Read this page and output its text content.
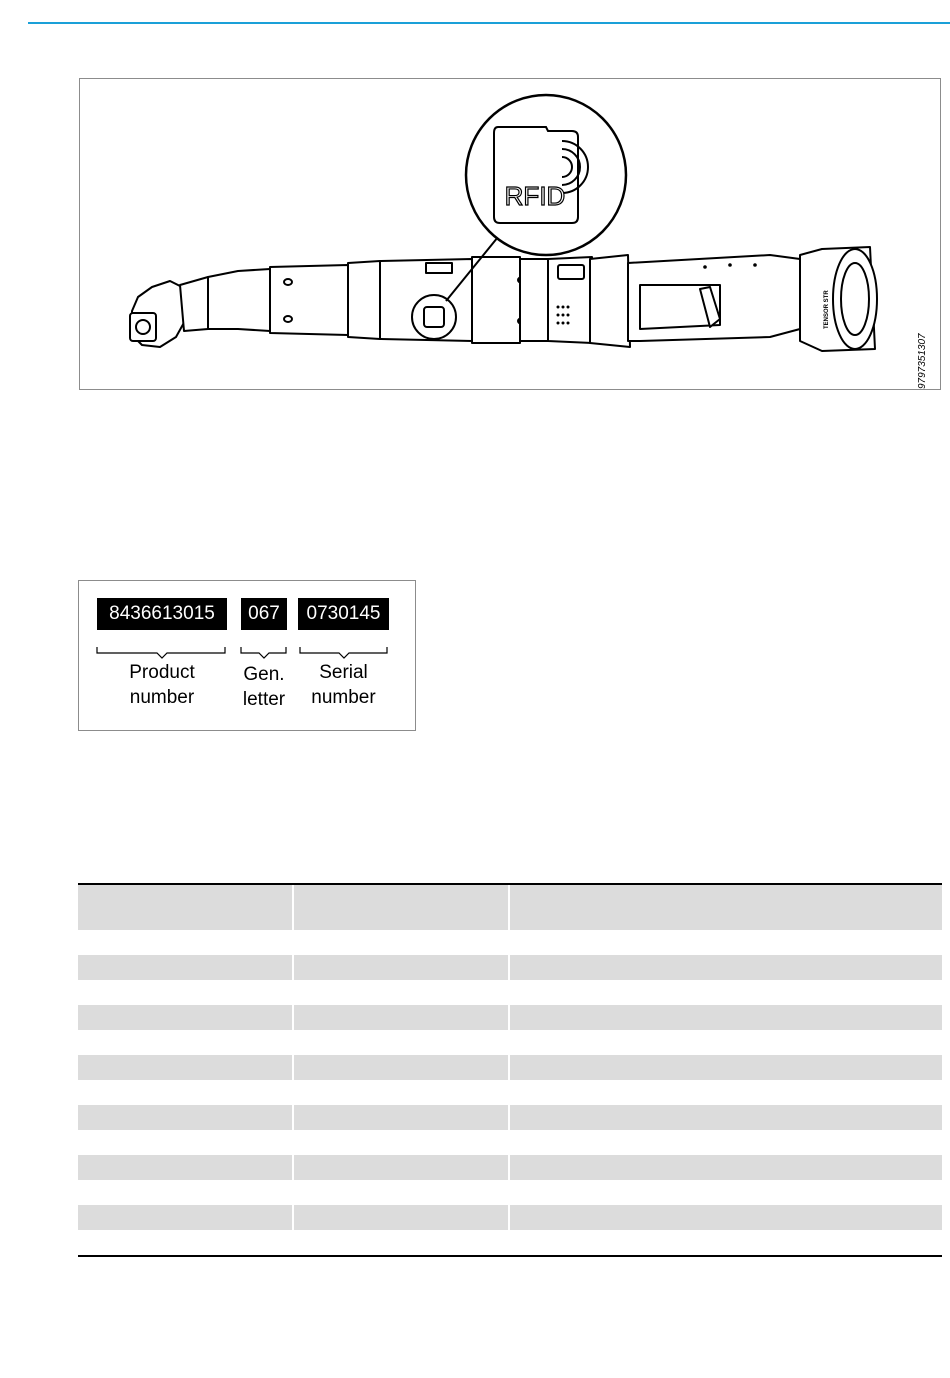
RFID
TENSOR STR
9797351307
8436613015	067	0730145
Product
number
Gen.
letter
Serial
number
